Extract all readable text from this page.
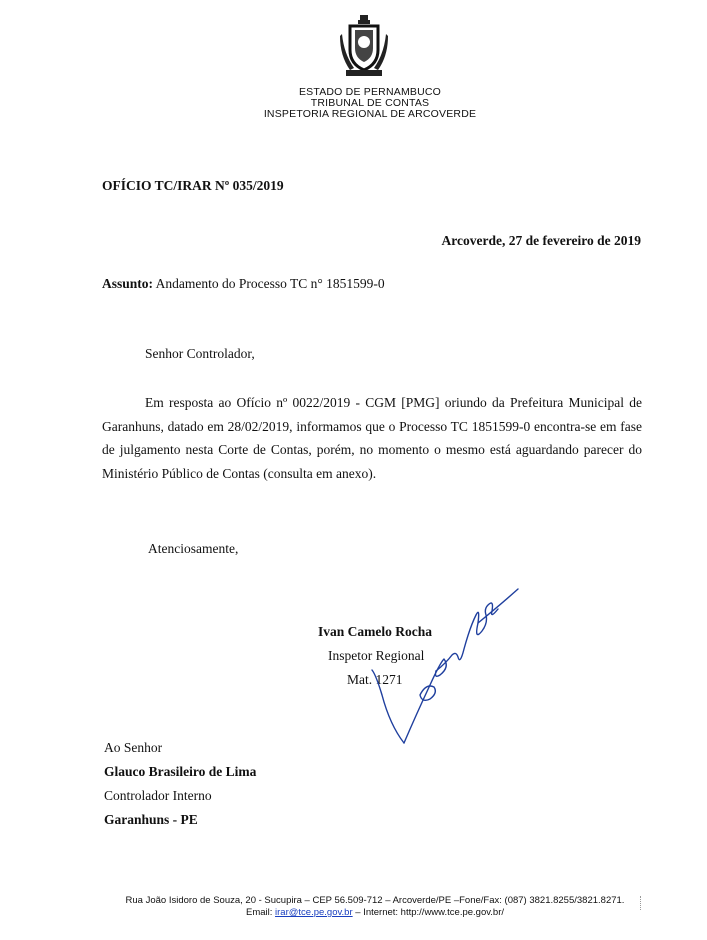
ESTADO DE PERNAMBUCO
TRIBUNAL DE CONTAS
INSPETORIA REGIONAL DE ARCOVERDE
OFÍCIO TC/IRAR Nº 035/2019
Arcoverde, 27 de fevereiro de 2019
Assunto: Andamento do Processo TC n° 1851599-0
Senhor Controlador,
Em resposta ao Ofício nº 0022/2019 - CGM [PMG] oriundo da Prefeitura Municipal de Garanhuns, datado em 28/02/2019, informamos que o Processo TC 1851599-0 encontra-se em fase de julgamento nesta Corte de Contas, porém, no momento o mesmo está aguardando parecer do Ministério Público de Contas (consulta em anexo).
Atenciosamente,
Ivan Camelo Rocha
Inspetor Regional
Mat. 1271
Ao Senhor
Glauco Brasileiro de Lima
Controlador Interno
Garanhuns - PE
Rua João Isidoro de Souza, 20 - Sucupira – CEP 56.509-712 – Arcoverde/PE –Fone/Fax: (087) 3821.8255/3821.8271.
Email: irar@tce.pe.gov.br – Internet: http://www.tce.pe.gov.br/
